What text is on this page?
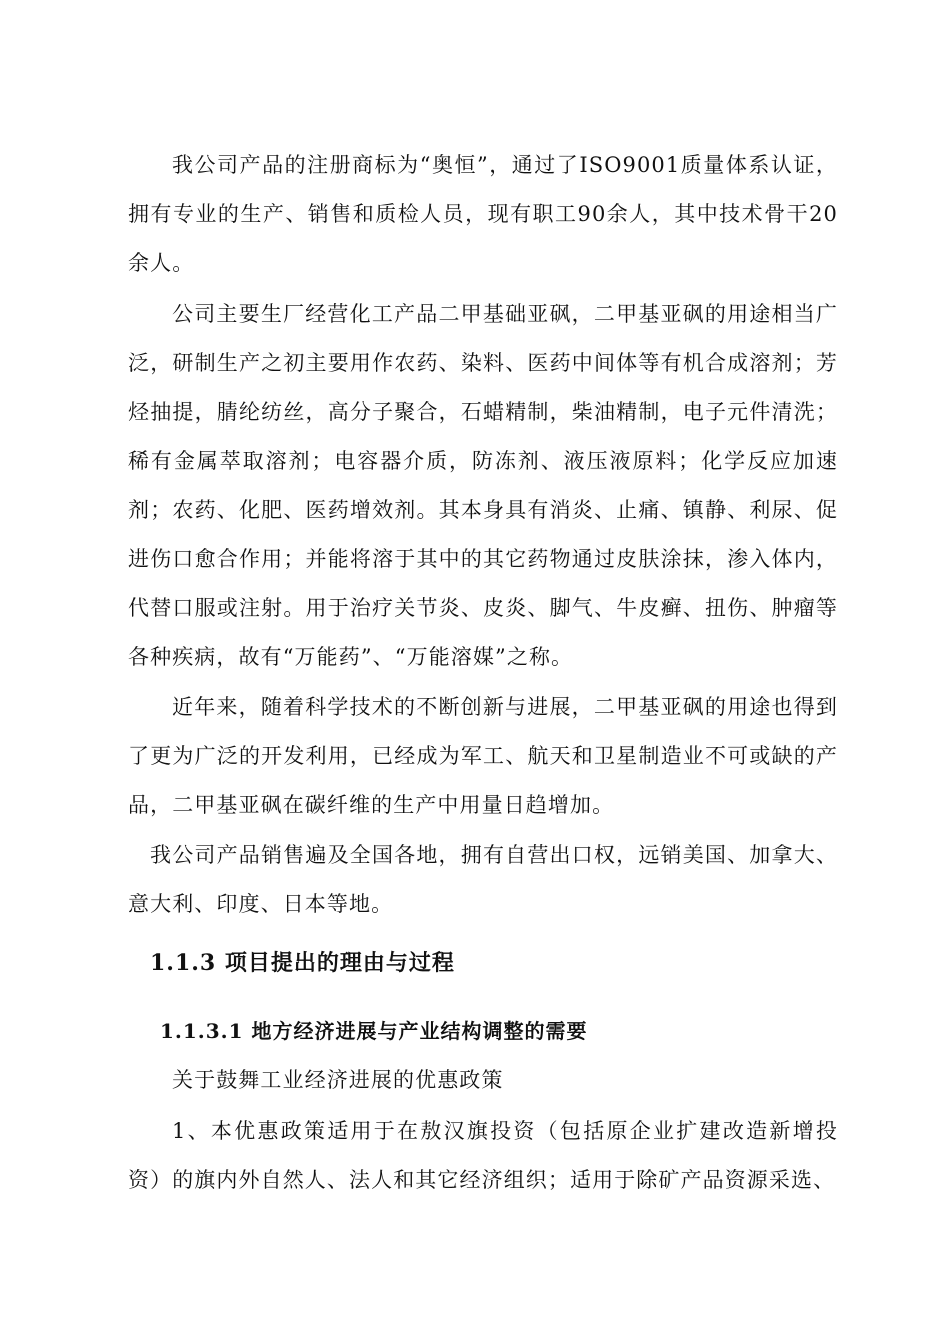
我公司产品的注册商标为“奥恒”，通过了ISO9001质量体系认证，拥有专业的生产、销售和质检人员，现有职工90余人，其中技术骨干20余人。

公司主要生厂经营化工产品二甲基础亚砜，二甲基亚砜的用途相当广泛，研制生产之初主要用作农药、染料、医药中间体等有机合成溶剂；芳烃抽提，腈纶纺丝，高分子聚合，石蜡精制，柴油精制，电子元件清洗；稀有金属萃取溶剂；电容器介质，防冻剂、液压液原料；化学反应加速剂；农药、化肥、医药增效剂。其本身具有消炎、止痛、镇静、利尿、促进伤口愈合作用；并能将溶于其中的其它药物通过皮肤涂抹，渗入体内，代替口服或注射。用于治疗关节炎、皮炎、脚气、牛皮癣、扭伤、肿瘤等各种疾病，故有“万能药”、“万能溶媒”之称。

近年来，随着科学技术的不断创新与进展，二甲基亚砜的用途也得到了更为广泛的开发利用，已经成为军工、航天和卫星制造业不可或缺的产品，二甲基亚砜在碳纤维的生产中用量日趋增加。

我公司产品销售遍及全国各地，拥有自营出口权，远销美国、加拿大、意大利、印度、日本等地。

1.1.3 项目提出的理由与过程
1.1.3.1 地方经济进展与产业结构调整的需要

关于鼓舞工业经济进展的优惠政策

1、本优惠政策适用于在敖汉旗投资（包括原企业扩建改造新增投资）的旗内外自然人、法人和其它经济组织；适用于除矿产品资源采选、
